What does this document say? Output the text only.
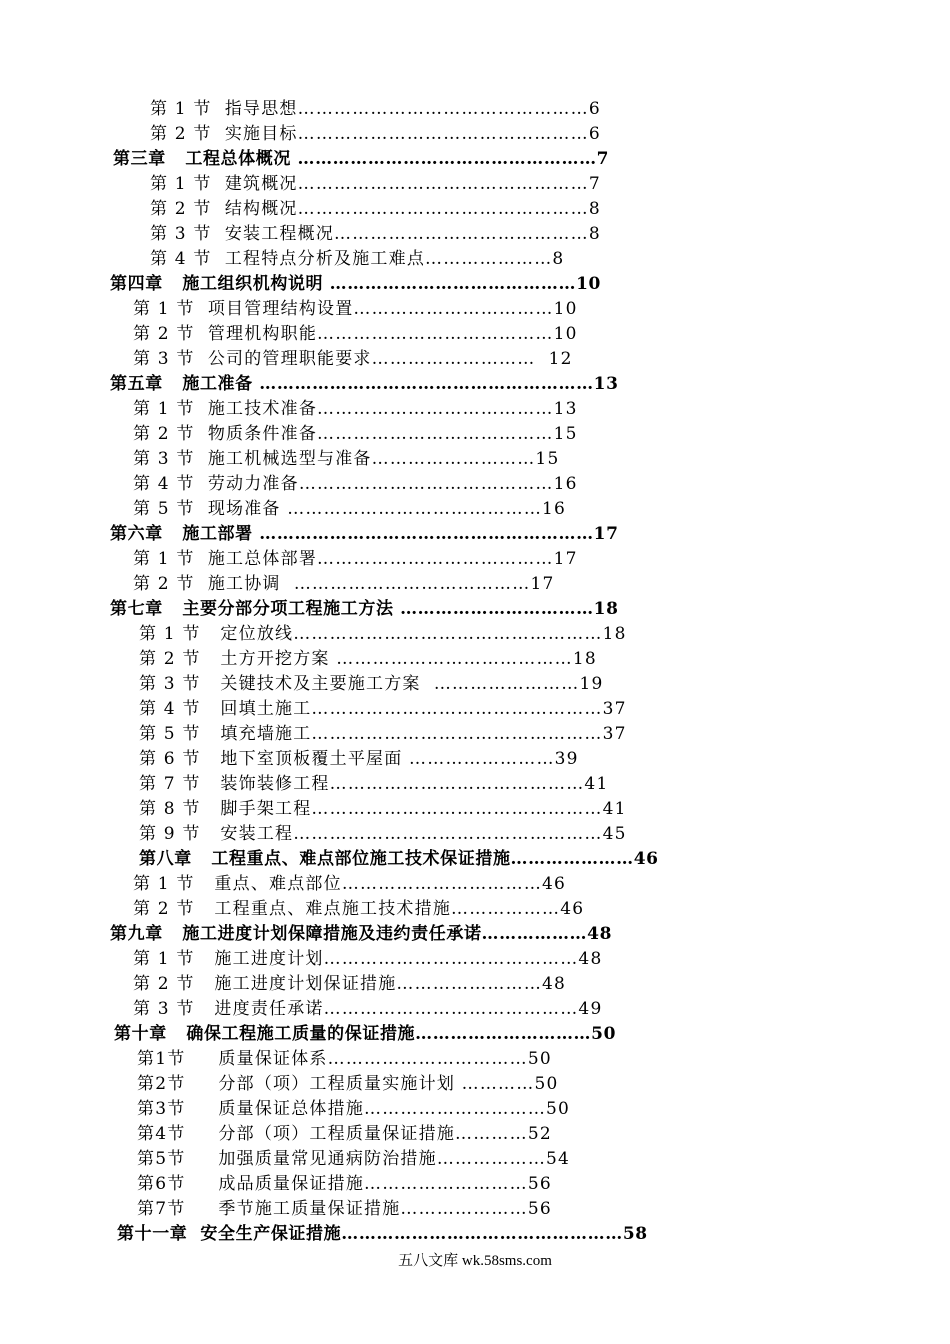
第 1 节  指导思想…………………………………………6
第 2 节  实施目标…………………………………………6
第三章   工程总体概况 ……………………………………………7
第 1 节  建筑概况…………………………………………7
第 2 节  结构概况…………………………………………8
第 3 节  安装工程概况……………………………………8
第 4 节  工程特点分析及施工难点…………………8
第四章   施工组织机构说明 ……………………………………10
第 1 节  项目管理结构设置……………………………10
第 2 节  管理机构职能…………………………………10
第 3 节  公司的管理职能要求………………………  12
第五章   施工准备 …………………………………………………13
第 1 节  施工技术准备…………………………………13
第 2 节  物质条件准备…………………………………15
第 3 节  施工机械选型与准备………………………15
第 4 节  劳动力准备……………………………………16
第 5 节  现场准备 ……………………………………16
第六章   施工部署 …………………………………………………17
第 1 节  施工总体部署…………………………………17
第 2 节  施工协调  …………………………………17
第七章   主要分部分项工程施工方法 ……………………………18
第 1 节   定位放线……………………………………………18
第 2 节   土方开挖方案 …………………………………18
第 3 节   关键技术及主要施工方案  ……………………19
第 4 节   回填土施工…………………………………………37
第 5 节   填充墙施工…………………………………………37
第 6 节   地下室顶板覆土平屋面 ……………………39
第 7 节   装饰装修工程……………………………………41
第 8 节   脚手架工程…………………………………………41
第 9 节   安装工程……………………………………………45
第八章   工程重点、难点部位施工技术保证措施…………………46
第 1 节   重点、难点部位……………………………46
第 2 节   工程重点、难点施工技术措施………………46
第九章   施工进度计划保障措施及违约责任承诺………………48
第 1 节   施工进度计划……………………………………48
第 2 节   施工进度计划保证措施……………………48
第 3 节   进度责任承诺……………………………………49
第十章   确保工程施工质量的保证措施…………………………50
第1节     质量保证体系……………………………50
第2节     分部（项）工程质量实施计划 …………50
第3节     质量保证总体措施…………………………50
第4节     分部（项）工程质量保证措施…………52
第5节     加强质量常见通病防治措施………………54
第6节     成品质量保证措施………………………56
第7节     季节施工质量保证措施…………………56
第十一章  安全生产保证措施…………………………………………58
五八文库 wk.58sms.com
